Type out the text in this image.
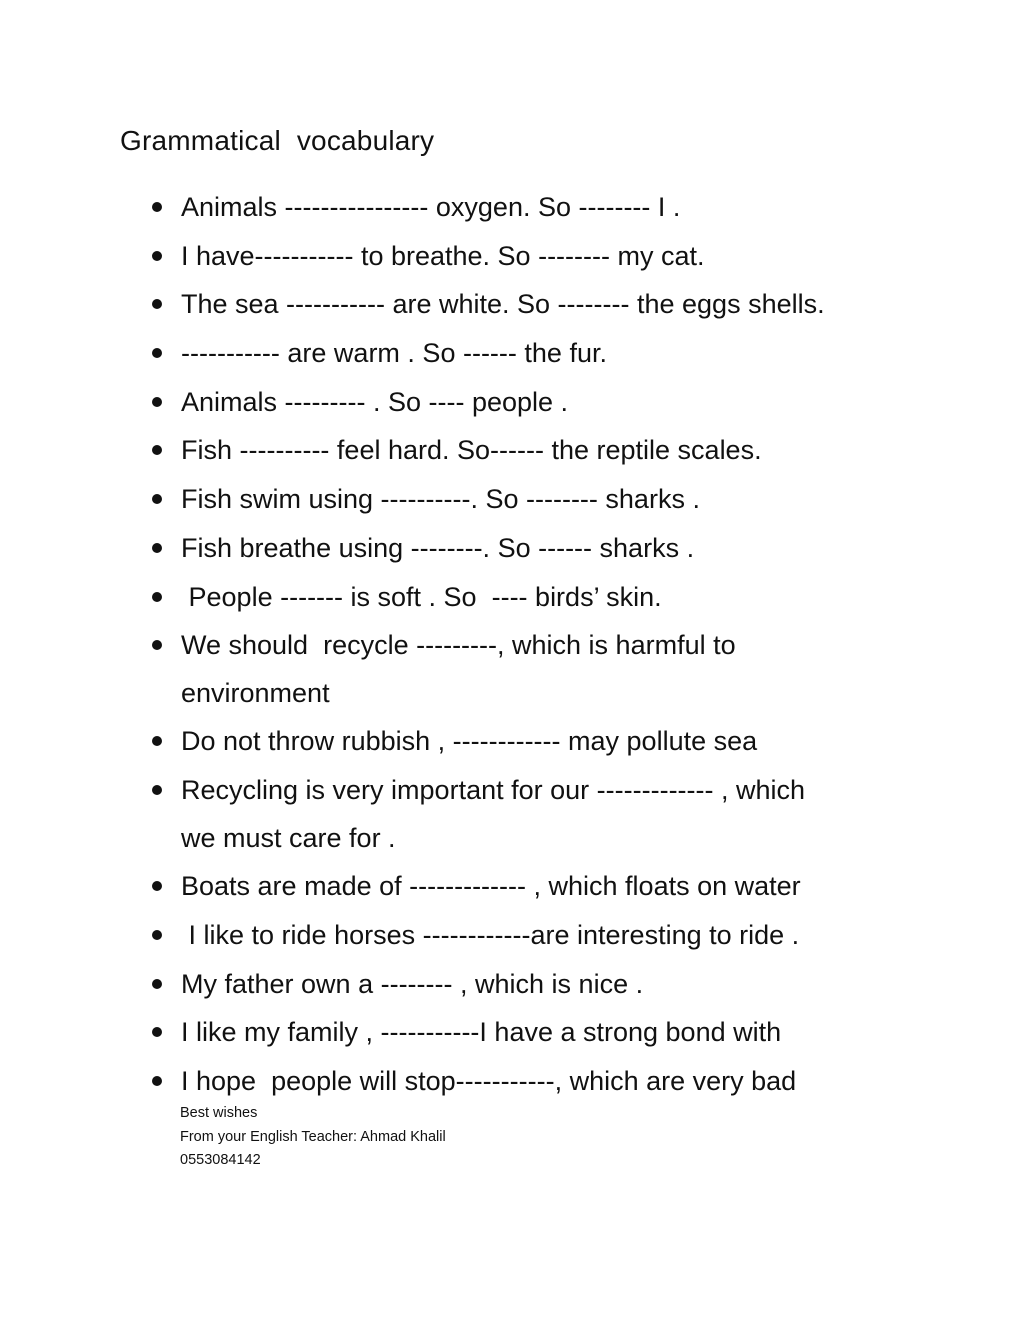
Grammatical  vocabulary
Animals ---------------- oxygen. So -------- I .
I have----------- to breathe. So -------- my cat.
The sea ----------- are white. So -------- the eggs shells.
----------- are warm . So ------ the fur.
Animals --------- . So ---- people .
Fish ---------- feel hard. So------ the reptile scales.
Fish swim using ----------. So -------- sharks .
Fish breathe using --------. So ------ sharks .
People ------- is soft . So  ---- birds’ skin.
We should  recycle ---------, which is harmful to environment
Do not throw rubbish , ------------ may pollute sea
Recycling is very important for our ------------- , which we must care for .
Boats are made of ------------- , which floats on water
I like to ride horses ------------are interesting to ride .
My father own a -------- , which is nice .
I like my family , -----------I have a strong bond with
I hope  people will stop-----------, which are very bad
Best wishes
From your English Teacher: Ahmad Khalil
0553084142
